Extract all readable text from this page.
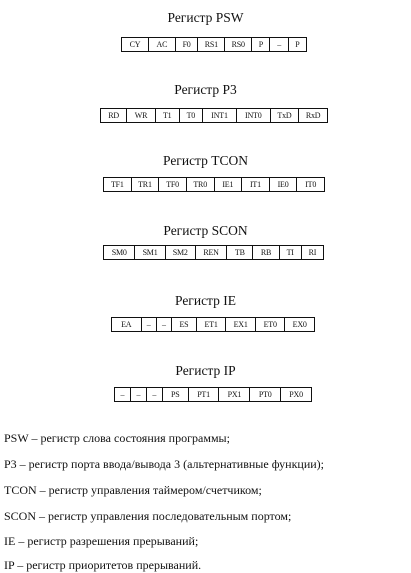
Регистр PSW
CY	AC	F0	RS1	RS0	P	–	P
Регистр P3
RD	WR	T1	T0	INT1	INT0	TxD	RxD
Регистр TCON
TF1	TR1	TF0	TR0	IE1	IT1	IE0	IT0
Регистр SCON
SM0	SM1	SM2	REN	TB	RB	TI	RI
Регистр IE
EA	–	–	ES	ET1	EX1	ET0	EX0
Регистр IP
–	–	–	PS	PT1	PX1	PT0	PX0
PSW – регистр слова состояния программы;
P3 – регистр порта ввода/вывода 3 (альтернативные функции);
TCON – регистр управления таймером/счетчиком;
SCON – регистр управления последовательным портом;
IE – регистр разрешения прерываний;
IP – регистр приоритетов прерываний.
